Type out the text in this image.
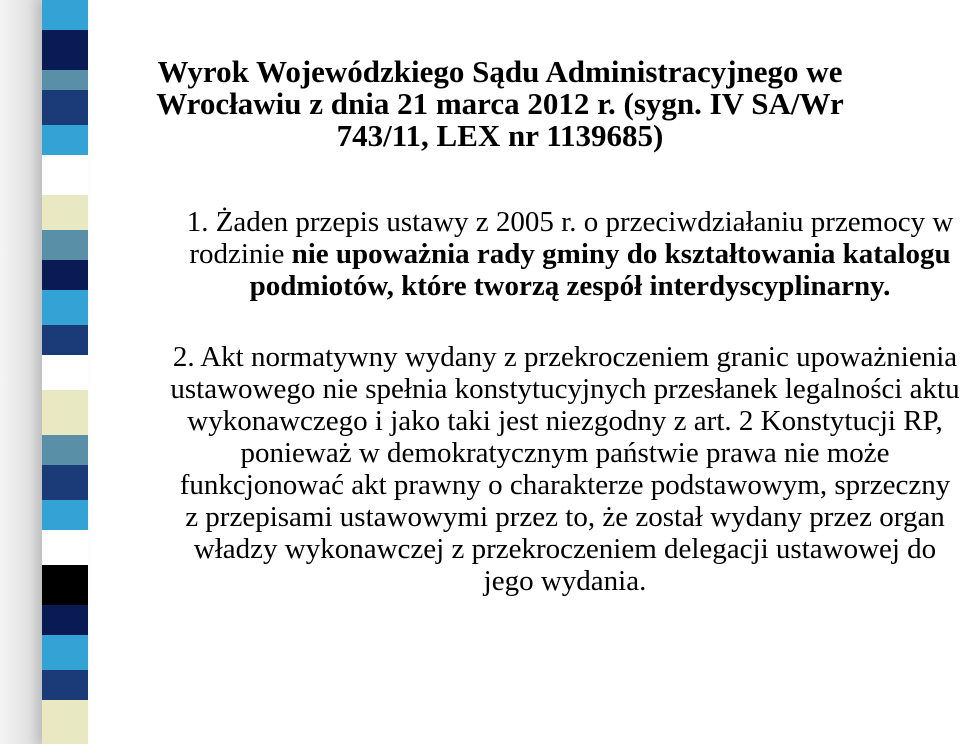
Wyrok Wojewódzkiego Sądu Administracyjnego we Wrocławiu z dnia 21 marca 2012 r. (sygn. IV SA/Wr 743/11, LEX nr 1139685)
1. Żaden przepis ustawy z 2005 r. o przeciwdziałaniu przemocy w rodzinie nie upoważnia rady gminy do kształtowania katalogu podmiotów, które tworzą zespół interdyscyplinarny.
2. Akt normatywny wydany z przekroczeniem granic upoważnienia ustawowego nie spełnia konstytucyjnych przesłanek legalności aktu wykonawczego i jako taki jest niezgodny z art. 2 Konstytucji RP, ponieważ w demokratycznym państwie prawa nie może funkcjonować akt prawny o charakterze podstawowym, sprzeczny z przepisami ustawowymi przez to, że został wydany przez organ władzy wykonawczej z przekroczeniem delegacji ustawowej do jego wydania.
